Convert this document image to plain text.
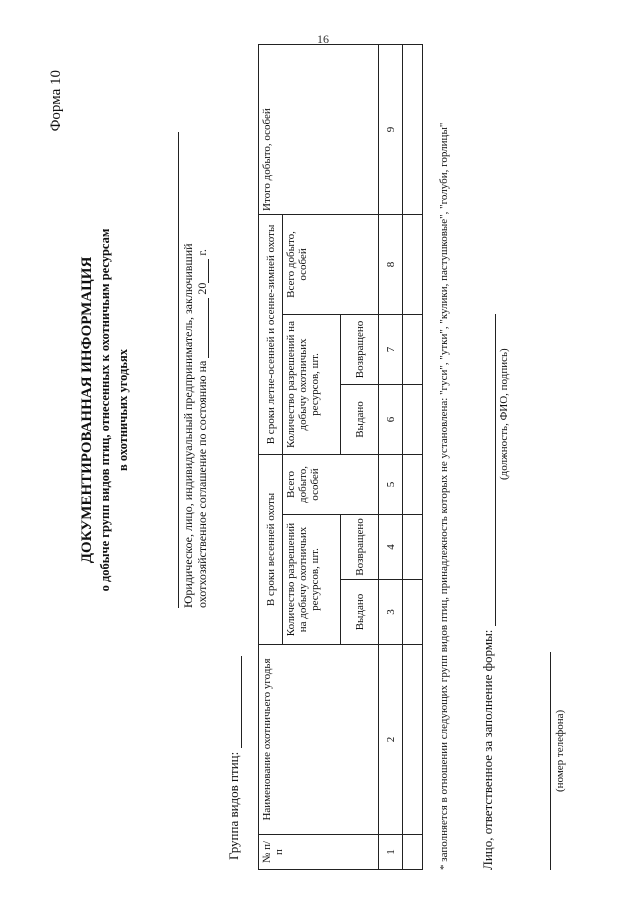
16
Форма 10
ДОКУМЕНТИРОВАННАЯ ИНФОРМАЦИЯ о добыче групп видов птиц, отнесенных к охотничьим ресурсам в охотничьих угодьях	Юридическое, лицо, индивидуальный предприниматель, заключивший охотхозяйственное соглашение по состоянию на  20 г.
Группа видов птиц: № п/п	Наименование охотничьего угодья	В сроки весенней охоты			В сроки летне-осенней и осенне-зимней охоты			Итого добыто, особей
		Количество разрешений на добычу охотничьих ресурсов, шт.		Всего добыто, особей	Количество разрешений на добычу охотничьих ресурсов, шт.		Всего добыто, особей	
		Выдано	Возвращено		Выдано	Возвращено		
1	2	3	4	5	6	7	8	9
									* заполняется в отношении следующих групп видов птиц, принадлежность которых не установлена: "гуси", "утки", "кулики, пастушковые", "голуби, горлицы" Лицо, ответственное за заполнение формы:
(должность, ФИО, подпись)
(номер телефона)
